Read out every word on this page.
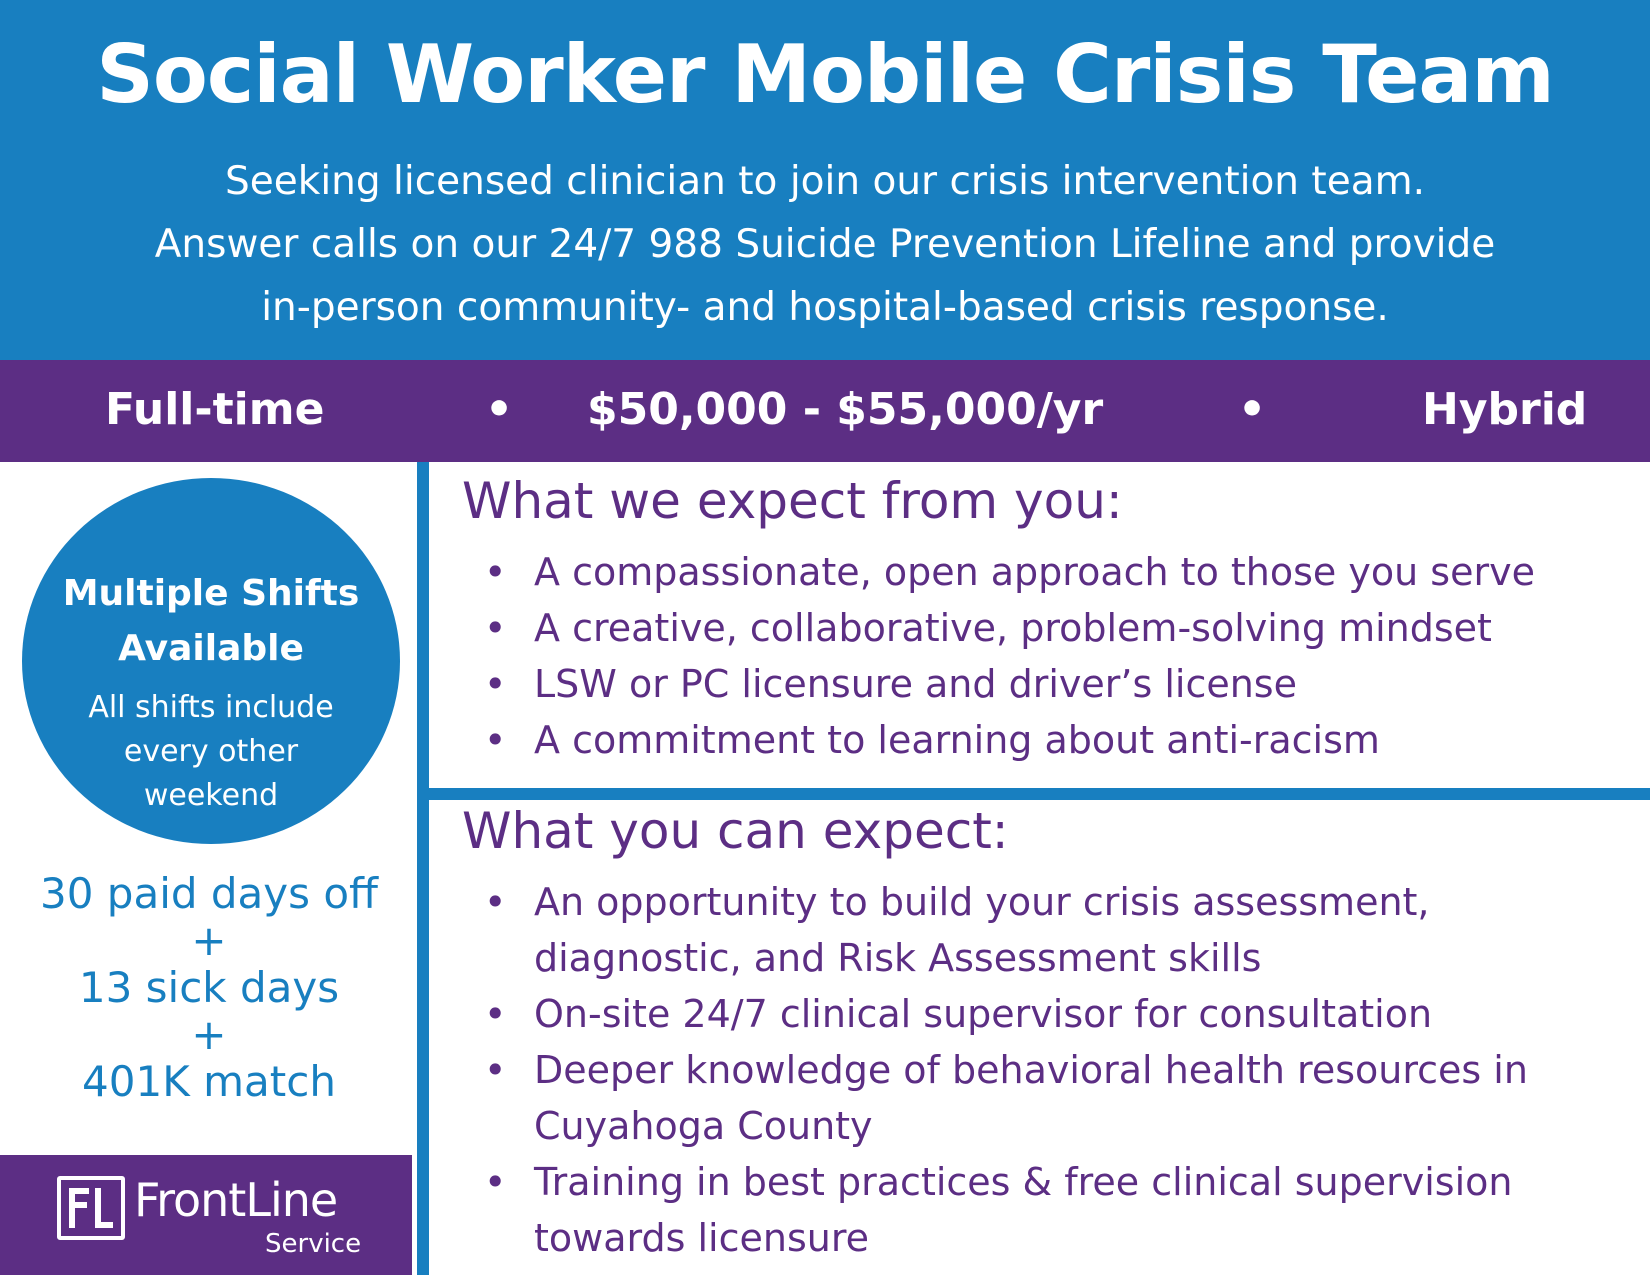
Social Worker Mobile Crisis Team
Seeking licensed clinician to join our crisis intervention team.
Answer calls on our 24/7 988 Suicide Prevention Lifeline and provide
in-person community- and hospital-based crisis response.
Full-time	• $50,000 - $55,000/yr	•	Hybrid
Multiple Shifts
Available
All shifts include
every other
weekend
30 paid days off
+
13 sick days
+
401K match
FrontLine
Service
What we expect from you:
• A compassionate, open approach to those you serve
• A creative, collaborative, problem-solving mindset
• LSW or PC licensure and driver’s license
• A commitment to learning about anti-racism
What you can expect:
• An opportunity to build your crisis assessment, diagnostic, and Risk Assessment skills
• On-site 24/7 clinical supervisor for consultation
• Deeper knowledge of behavioral health resources in Cuyahoga County
• Training in best practices & free clinical supervision towards licensure
